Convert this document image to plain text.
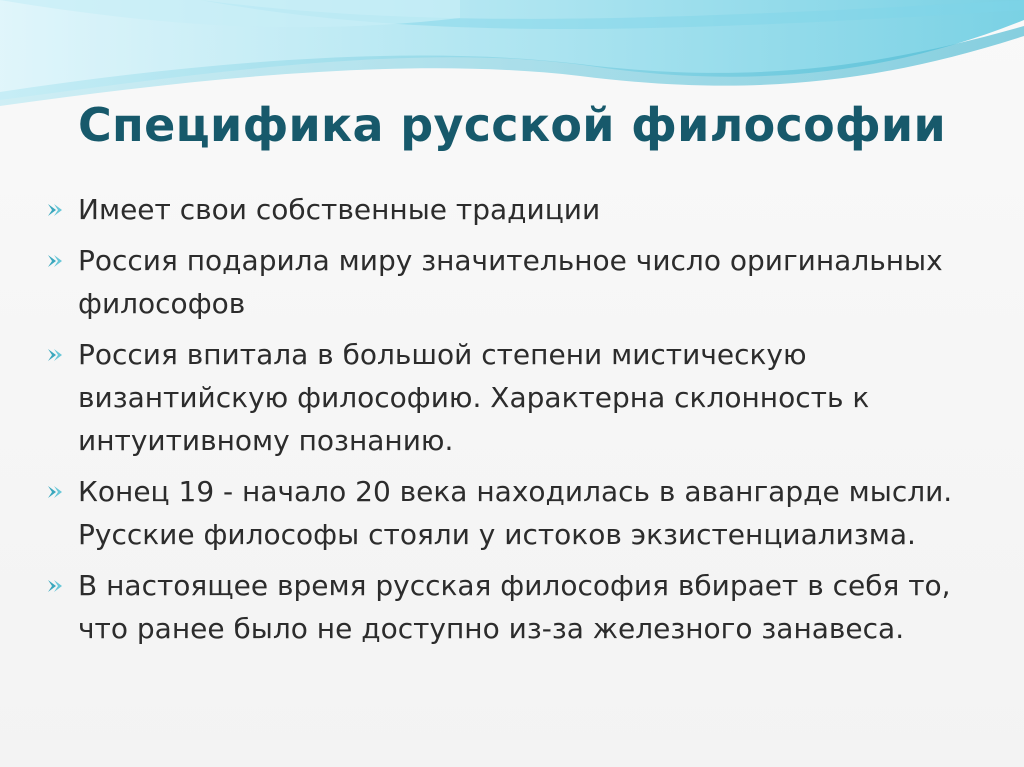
Специфика русской философии
Имеет свои собственные традиции
Россия подарила миру значительное число оригинальных философов
Россия впитала в большой степени мистическую византийскую философию. Характерна склонность к интуитивному познанию.
Конец 19 - начало 20 века находилась в авангарде мысли. Русские философы стояли у истоков экзистенциализма.
В настоящее время русская философия вбирает в себя то, что ранее было не доступно из-за железного занавеса.
